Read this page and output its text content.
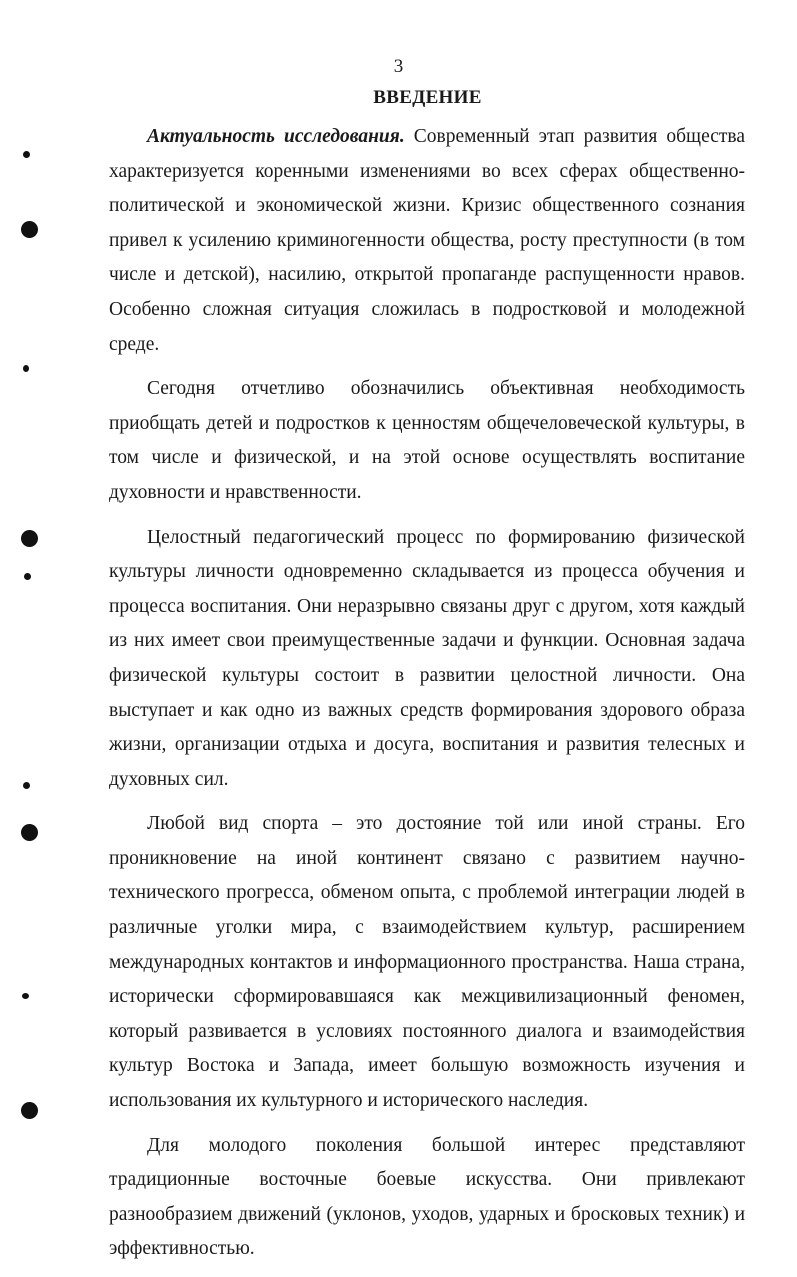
3
ВВЕДЕНИЕ

Актуальность исследования. Современный этап развития общества характеризуется коренными изменениями во всех сферах общественно-политической и экономической жизни. Кризис общественного сознания привел к усилению криминогенности общества, росту преступности (в том числе и детской), насилию, открытой пропаганде распущенности нравов. Особенно сложная ситуация сложилась в подростковой и молодежной среде.

Сегодня отчетливо обозначились объективная необходимость приобщать детей и подростков к ценностям общечеловеческой культуры, в том числе и физической, и на этой основе осуществлять воспитание духовности и нравственности.

Целостный педагогический процесс по формированию физической культуры личности одновременно складывается из процесса обучения и процесса воспитания. Они неразрывно связаны друг с другом, хотя каждый из них имеет свои преимущественные задачи и функции. Основная задача физической культуры состоит в развитии целостной личности. Она выступает и как одно из важных средств формирования здорового образа жизни, организации отдыха и досуга, воспитания и развития телесных и духовных сил.

Любой вид спорта – это достояние той или иной страны. Его проникновение на иной континент связано с развитием научно-технического прогресса, обменом опыта, с проблемой интеграции людей в различные уголки мира, с взаимодействием культур, расширением международных контактов и информационного пространства. Наша страна, исторически сформировавшаяся как межцивилизационный феномен, который развивается в условиях постоянного диалога и взаимодействия культур Востока и Запада, имеет большую возможность изучения и использования их культурного и исторического наследия.

Для молодого поколения большой интерес представляют традиционные восточные боевые искусства. Они привлекают разнообразием движений (уклонов, уходов, ударных и бросковых техник) и эффективностью.
